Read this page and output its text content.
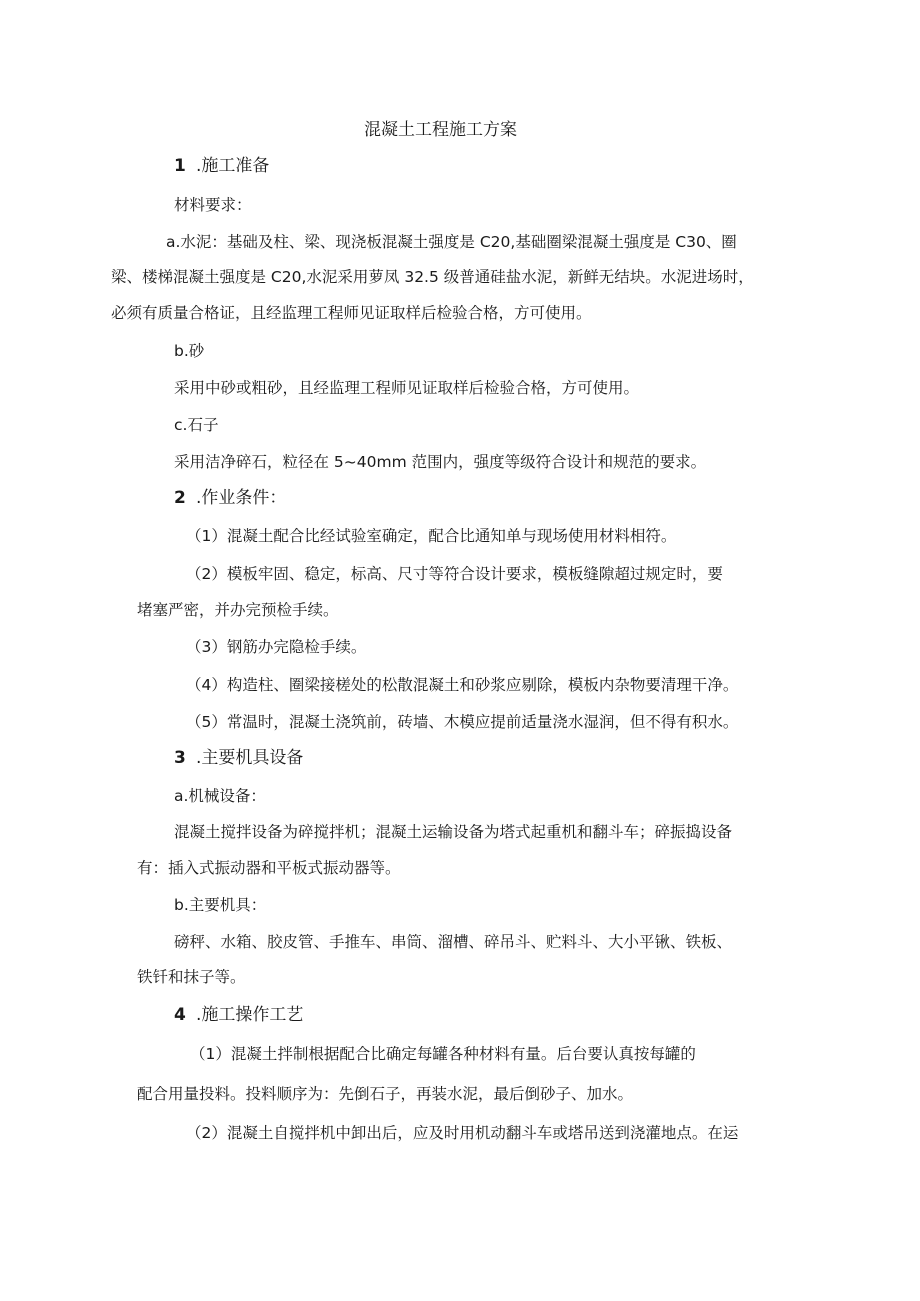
混凝土工程施工方案
1 .施工准备
材料要求：
a.水泥：基础及柱、梁、现浇板混凝土强度是 C20,基础圈梁混凝土强度是 C30、圈
梁、楼梯混凝土强度是 C20,水泥采用萝凤 32.5 级普通硅盐水泥，新鲜无结块。水泥进场时，
必须有质量合格证，且经监理工程师见证取样后检验合格，方可使用。
b.砂
采用中砂或粗砂，且经监理工程师见证取样后检验合格，方可使用。
c.石子
采用洁净碎石，粒径在 5~40mm 范围内，强度等级符合设计和规范的要求。
2 .作业条件：
（1）混凝土配合比经试验室确定，配合比通知单与现场使用材料相符。
（2）模板牢固、稳定，标高、尺寸等符合设计要求，模板缝隙超过规定时，要
堵塞严密，并办完预检手续。
（3）钢筋办完隐检手续。
（4）构造柱、圈梁接槎处的松散混凝土和砂浆应剔除，模板内杂物要清理干净。
（5）常温时，混凝土浇筑前，砖墙、木模应提前适量浇水湿润，但不得有积水。
3 .主要机具设备
a.机械设备：
混凝土搅拌设备为碎搅拌机；混凝土运输设备为塔式起重机和翻斗车；碎振捣设备
有：插入式振动器和平板式振动器等。
b.主要机具：
磅秤、水箱、胶皮管、手推车、串筒、溜槽、碎吊斗、贮料斗、大小平锹、铁板、
铁钎和抹子等。
4 .施工操作工艺
（1）混凝土拌制根据配合比确定每罐各种材料有量。后台要认真按每罐的
配合用量投料。投料顺序为：先倒石子，再装水泥，最后倒砂子、加水。
（2）混凝土自搅拌机中卸出后，应及时用机动翻斗车或塔吊送到浇灌地点。在运
